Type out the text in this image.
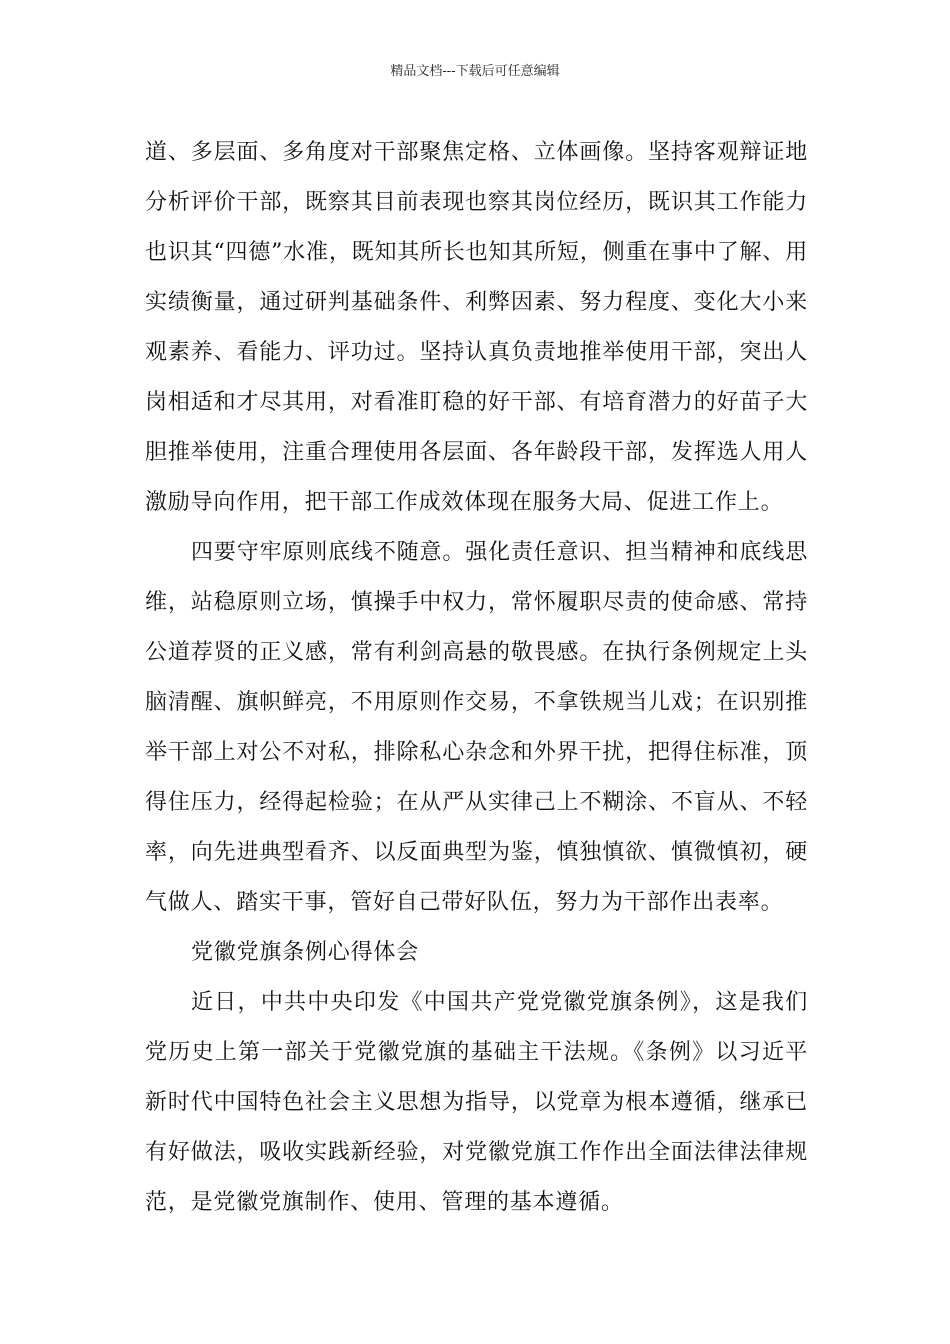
精品文档---下载后可任意编辑

道、多层面、多角度对干部聚焦定格、立体画像。坚持客观辩证地分析评价干部，既察其目前表现也察其岗位经历，既识其工作能力也识其“四德”水准，既知其所长也知其所短，侧重在事中了解、用实绩衡量，通过研判基础条件、利弊因素、努力程度、变化大小来观素养、看能力、评功过。坚持认真负责地推举使用干部，突出人岗相适和才尽其用，对看准盯稳的好干部、有培育潜力的好苗子大胆推举使用，注重合理使用各层面、各年龄段干部，发挥选人用人激励导向作用，把干部工作成效体现在服务大局、促进工作上。

四要守牢原则底线不随意。强化责任意识、担当精神和底线思维，站稳原则立场，慎操手中权力，常怀履职尽责的使命感、常持公道荐贤的正义感，常有利剑高悬的敬畏感。在执行条例规定上头脑清醒、旗帜鲜亮，不用原则作交易，不拿铁规当儿戏；在识别推举干部上对公不对私，排除私心杂念和外界干扰，把得住标准，顶得住压力，经得起检验；在从严从实律己上不糊涂、不盲从、不轻率，向先进典型看齐、以反面典型为鉴，慎独慎欲、慎微慎初，硬气做人、踏实干事，管好自己带好队伍，努力为干部作出表率。

党徽党旗条例心得体会

近日，中共中央印发《中国共产党党徽党旗条例》，这是我们党历史上第一部关于党徽党旗的基础主干法规。《条例》以习近平新时代中国特色社会主义思想为指导，以党章为根本遵循，继承已有好做法，吸收实践新经验，对党徽党旗工作作出全面法律法律规范，是党徽党旗制作、使用、管理的基本遵循。
